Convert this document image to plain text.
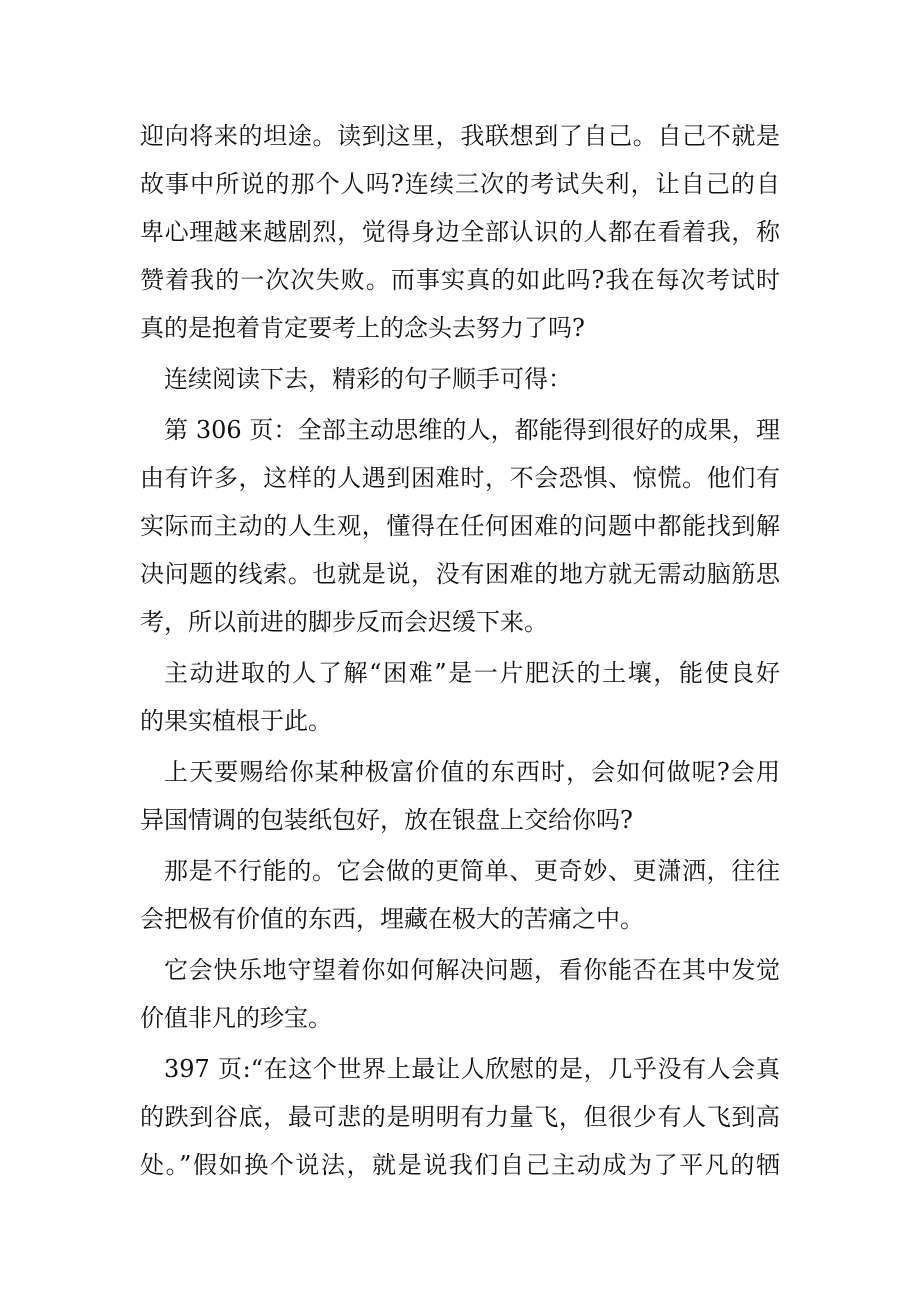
迎向将来的坦途。读到这里，我联想到了自己。自己不就是
故事中所说的那个人吗?连续三次的考试失利，让自己的自
卑心理越来越剧烈，觉得身边全部认识的人都在看着我，称
赞着我的一次次失败。而事实真的如此吗?我在每次考试时
真的是抱着肯定要考上的念头去努力了吗?
连续阅读下去，精彩的句子顺手可得：
第 306 页：全部主动思维的人，都能得到很好的成果，理
由有许多，这样的人遇到困难时，不会恐惧、惊慌。他们有
实际而主动的人生观，懂得在任何困难的问题中都能找到解
决问题的线索。也就是说，没有困难的地方就无需动脑筋思
考，所以前进的脚步反而会迟缓下来。
主动进取的人了解“困难”是一片肥沃的土壤，能使良好
的果实植根于此。
上天要赐给你某种极富价值的东西时，会如何做呢?会用
异国情调的包装纸包好，放在银盘上交给你吗?
那是不行能的。它会做的更简单、更奇妙、更潇洒，往往
会把极有价值的东西，埋藏在极大的苦痛之中。
它会快乐地守望着你如何解决问题，看你能否在其中发觉
价值非凡的珍宝。
397 页:“在这个世界上最让人欣慰的是，几乎没有人会真
的跌到谷底，最可悲的是明明有力量飞，但很少有人飞到高
处。”假如换个说法，就是说我们自己主动成为了平凡的牺
